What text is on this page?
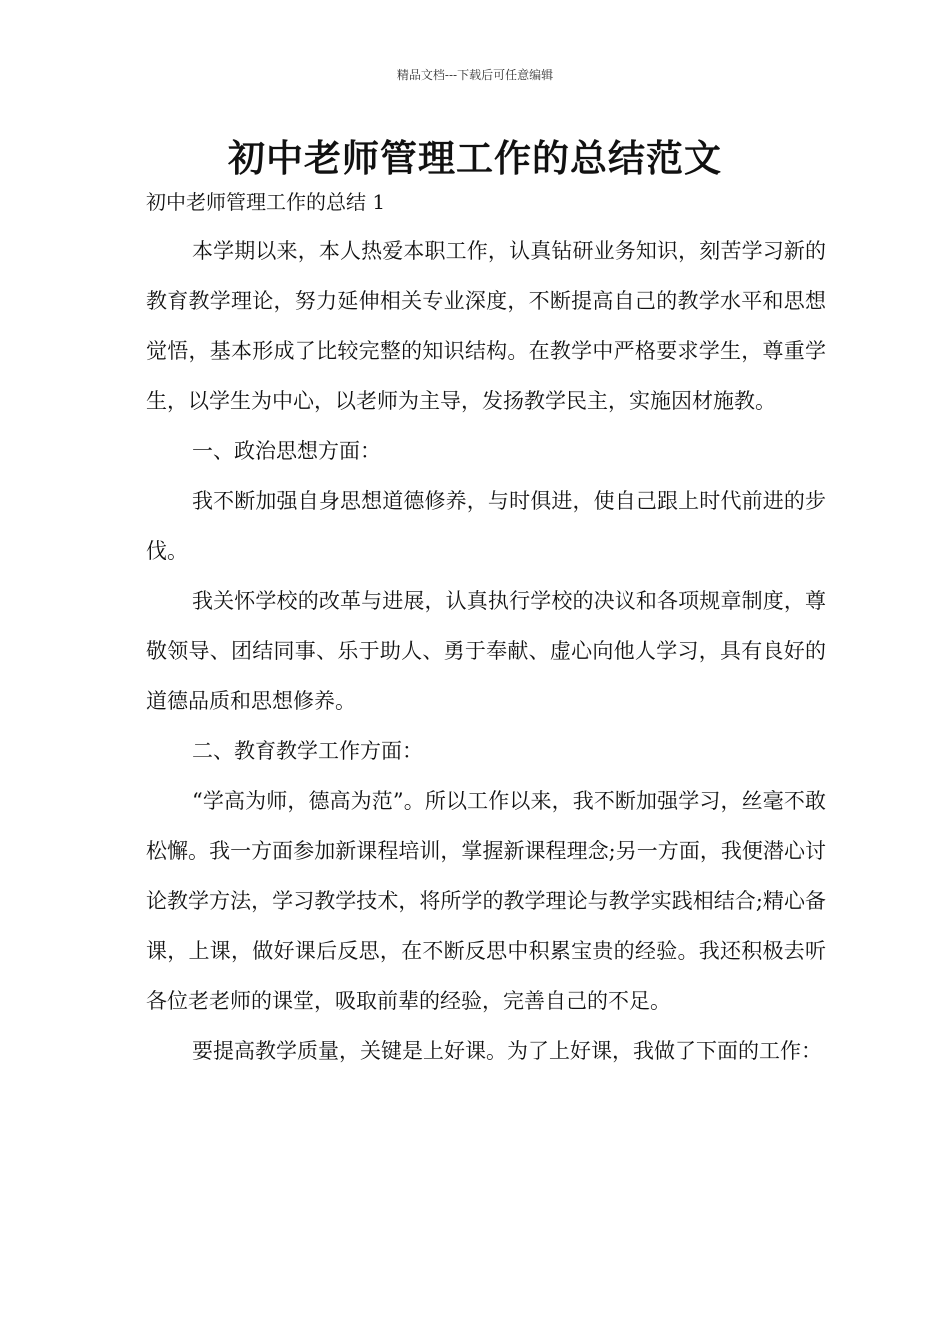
精品文档---下载后可任意编辑
初中老师管理工作的总结范文
初中老师管理工作的总结 1

本学期以来，本人热爱本职工作，认真钻研业务知识，刻苦学习新的教育教学理论，努力延伸相关专业深度，不断提高自己的教学水平和思想觉悟，基本形成了比较完整的知识结构。在教学中严格要求学生，尊重学生，以学生为中心，以老师为主导，发扬教学民主，实施因材施教。

一、政治思想方面：

我不断加强自身思想道德修养，与时俱进，使自己跟上时代前进的步伐。

我关怀学校的改革与进展，认真执行学校的决议和各项规章制度，尊敬领导、团结同事、乐于助人、勇于奉献、虚心向他人学习，具有良好的道德品质和思想修养。

二、教育教学工作方面：

“学高为师，德高为范”。所以工作以来，我不断加强学习，丝毫不敢松懈。我一方面参加新课程培训，掌握新课程理念;另一方面，我便潜心讨论教学方法，学习教学技术，将所学的教学理论与教学实践相结合;精心备课，上课，做好课后反思，在不断反思中积累宝贵的经验。我还积极去听各位老老师的课堂，吸取前辈的经验，完善自己的不足。

要提高教学质量，关键是上好课。为了上好课，我做了下面的工作：
